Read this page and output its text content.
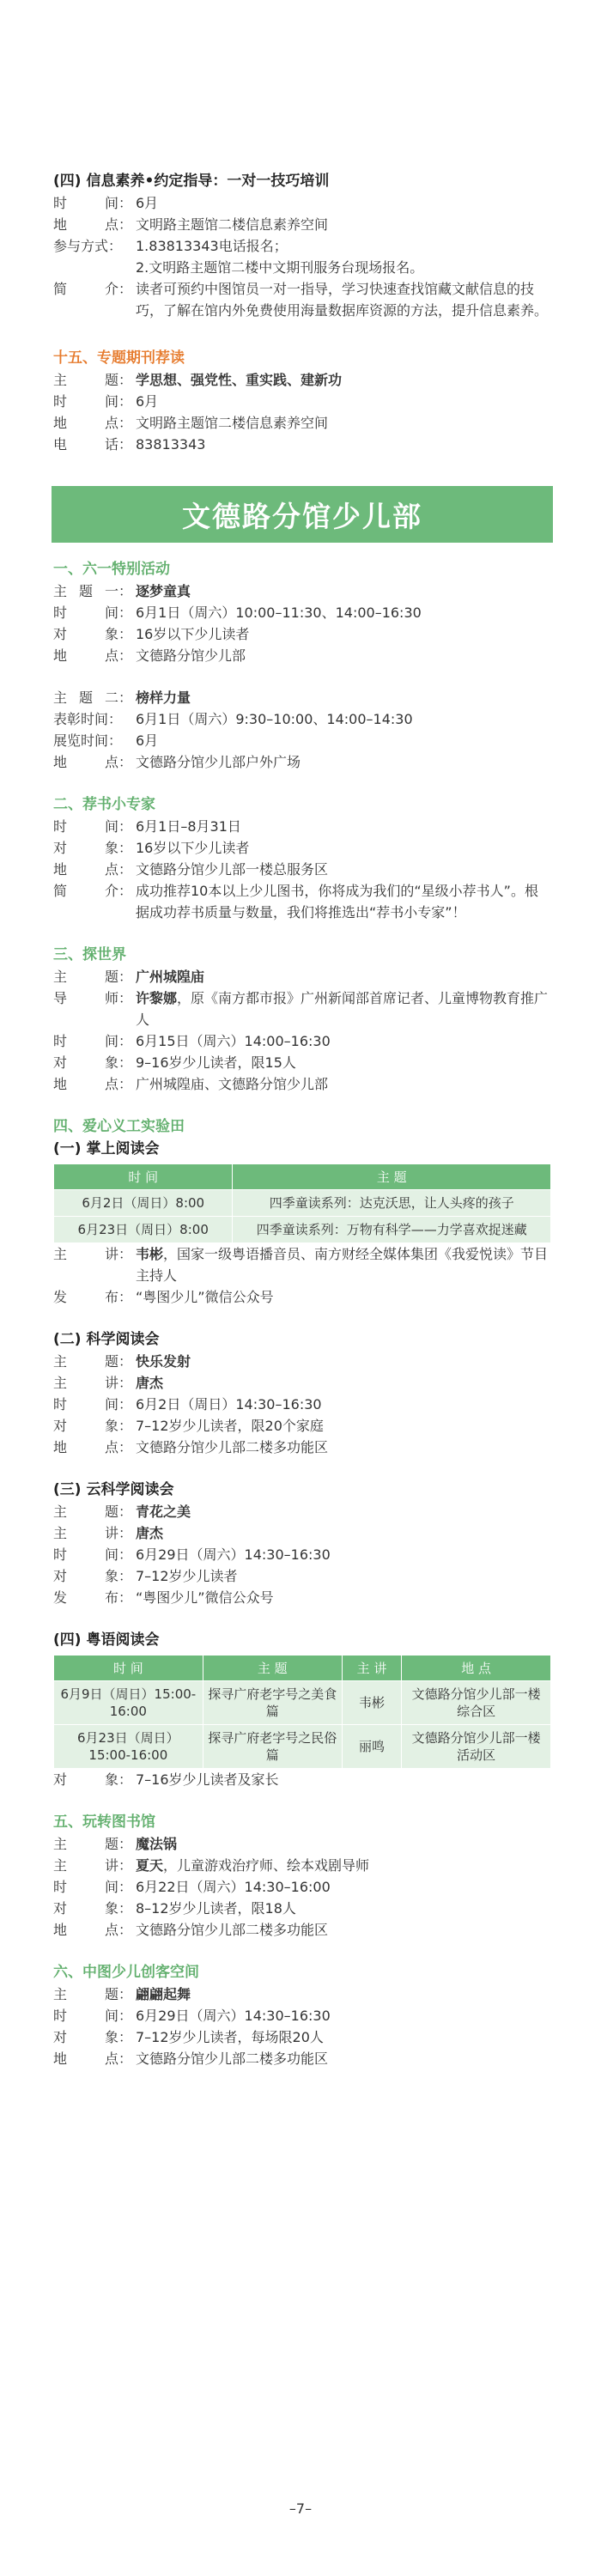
(四) 信息素养•约定指导：一对一技巧培训
时	间： 6月
地	点： 文明路主题馆二楼信息素养空间
参与方式： 1.83813343电话报名；
2.文明路主题馆二楼中文期刊服务台现场报名。
简	介： 读者可预约中图馆员一对一指导，学习快速查找馆藏文献信息的技巧，了解在馆内外免费使用海量数据库资源的方法，提升信息素养。
十五、专题期刊荐读
主	题： 学思想、强党性、重实践、建新功
时	间： 6月
地	点： 文明路主题馆二楼信息素养空间
电	话： 83813343
文德路分馆少儿部
一、六一特别活动
主 题 一： 逐梦童真
时	间： 6月1日（周六）10:00–11:30、14:00–16:30
对	象： 16岁以下少儿读者
地	点： 文德路分馆少儿部
主 题 二： 榜样力量
表彰时间： 6月1日（周六）9:30–10:00、14:00–14:30
展览时间： 6月
地	点： 文德路分馆少儿部户外广场
二、荐书小专家
时	间： 6月1日–8月31日
对	象： 16岁以下少儿读者
地	点： 文德路分馆少儿部一楼总服务区
简	介： 成功推荐10本以上少儿图书，你将成为我们的“星级小荐书人”。根据成功荐书质量与数量，我们将推选出“荐书小专家”！
三、探世界
主	题： 广州城隍庙
导	师： 许黎娜，原《南方都市报》广州新闻部首席记者、儿童博物教育推广人
时	间： 6月15日（周六）14:00–16:30
对	象： 9–16岁少儿读者，限15人
地	点： 广州城隍庙、文德路分馆少儿部
四、爱心义工实验田
(一) 掌上阅读会
时 间	主 题
6月2日（周日）8:00	四季童读系列：达克沃思，让人头疼的孩子
6月23日（周日）8:00	四季童读系列：万物有科学——力学喜欢捉迷藏
主	讲： 韦彬，国家一级粤语播音员、南方财经全媒体集团《我爱悦读》节目主持人
发	布： “粤图少儿”微信公众号
(二) 科学阅读会
主	题： 快乐发射
主	讲： 唐杰
时	间： 6月2日（周日）14:30–16:30
对	象： 7–12岁少儿读者，限20个家庭
地	点： 文德路分馆少儿部二楼多功能区
(三) 云科学阅读会
主	题： 青花之美
主	讲： 唐杰
时	间： 6月29日（周六）14:30–16:30
对	象： 7–12岁少儿读者
发	布： “粤图少儿”微信公众号
(四) 粤语阅读会
时 间	主 题	主 讲	地 点
6月9日（周日）15:00-16:00	探寻广府老字号之美食篇	韦彬	文德路分馆少儿部一楼综合区
6月23日（周日）15:00-16:00	探寻广府老字号之民俗篇	丽鸣	文德路分馆少儿部一楼活动区
对	象： 7–16岁少儿读者及家长
五、玩转图书馆
主	题： 魔法锅
主	讲： 夏天，儿童游戏治疗师、绘本戏剧导师
时	间： 6月22日（周六）14:30–16:00
对	象： 8–12岁少儿读者，限18人
地	点： 文德路分馆少儿部二楼多功能区
六、中图少儿创客空间
主	题： 翩翩起舞
时	间： 6月29日（周六）14:30–16:30
对	象： 7–12岁少儿读者，每场限20人
地	点： 文德路分馆少儿部二楼多功能区
–7–
